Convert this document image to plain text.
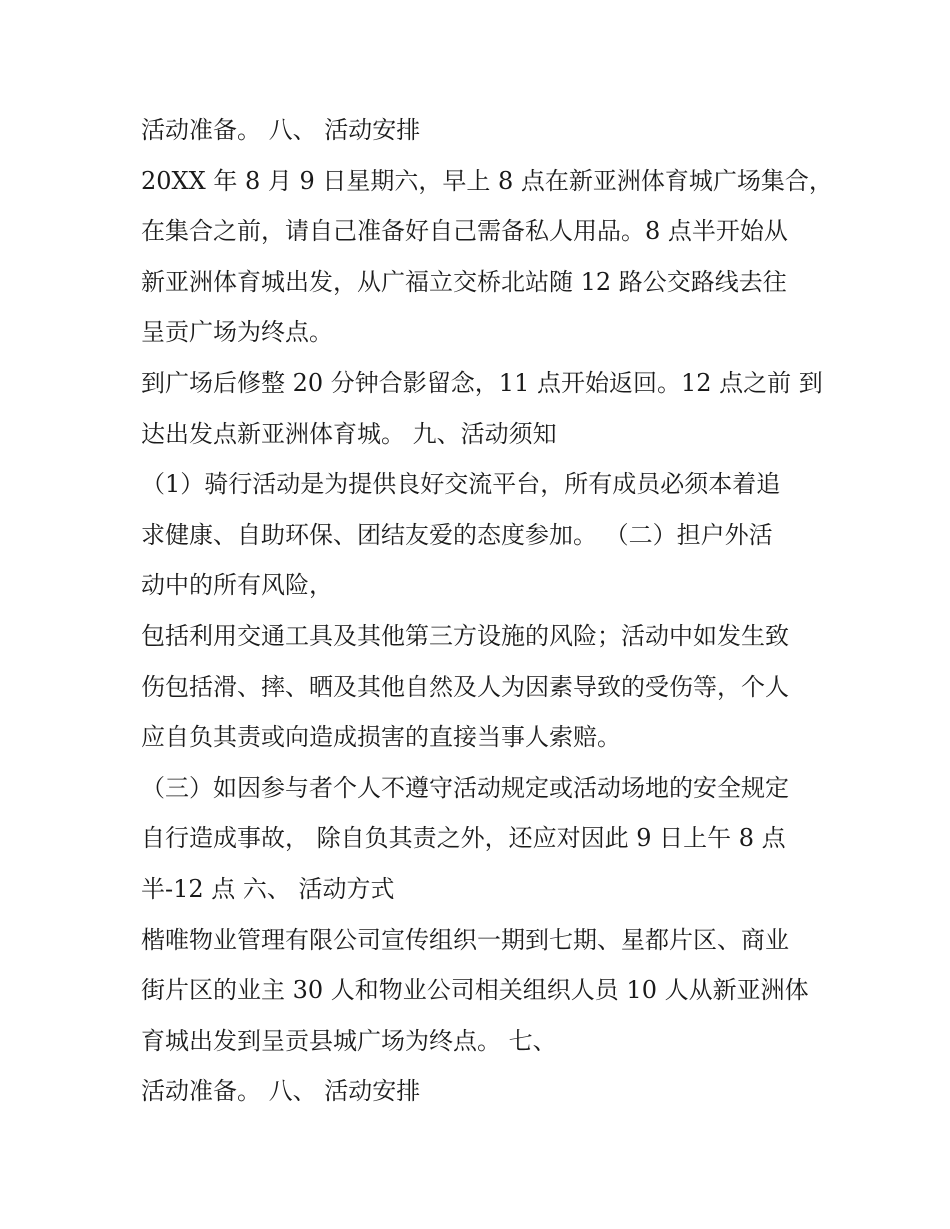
活动准备。 八、 活动安排

20XX 年 8 月 9 日星期六，早上 8 点在新亚洲体育城广场集合，

在集合之前，请自己准备好自己需备私人用品。8 点半开始从

新亚洲体育城出发，从广福立交桥北站随 12 路公交路线去往

呈贡广场为终点。

到广场后修整 20 分钟合影留念，11 点开始返回。12 点之前 到

达出发点新亚洲体育城。 九、活动须知

（1）骑行活动是为提供良好交流平台，所有成员必须本着追

求健康、自助环保、团结友爱的态度参加。 （二）担户外活

动中的所有风险，

包括利用交通工具及其他第三方设施的风险；活动中如发生致

伤包括滑、摔、晒及其他自然及人为因素导致的受伤等，个人

应自负其责或向造成损害的直接当事人索赔。

（三）如因参与者个人不遵守活动规定或活动场地的安全规定

自行造成事故， 除自负其责之外，还应对因此 9 日上午 8 点

半-12 点 六、 活动方式

楷唯物业管理有限公司宣传组织一期到七期、星都片区、商业

街片区的业主 30 人和物业公司相关组织人员 10 人从新亚洲体

育城出发到呈贡县城广场为终点。 七、

活动准备。 八、 活动安排
